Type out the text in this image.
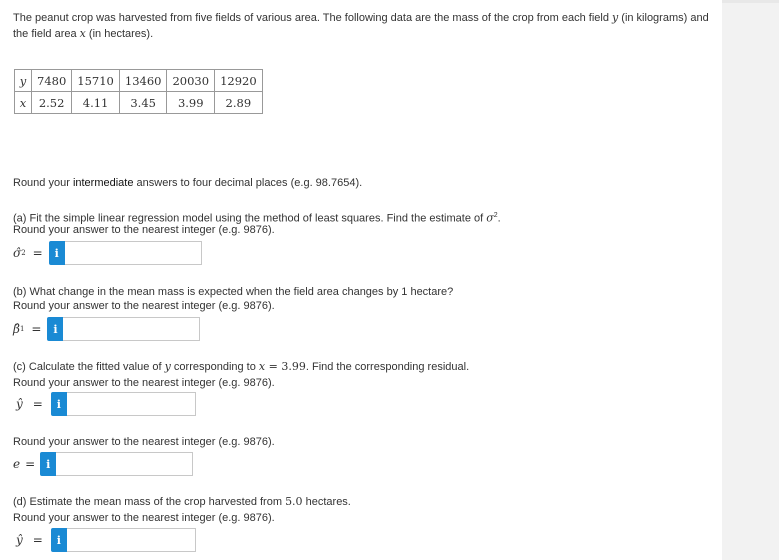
The peanut crop was harvested from five fields of various area. The following data are the mass of the crop from each field y (in kilograms) and the field area x (in hectares).
y	7480	15710	13460	20030	12920
x	2.52	4.11	3.45	3.99	2.89
Round your intermediate answers to four decimal places (e.g. 98.7654).
(a) Fit the simple linear regression model using the method of least squares. Find the estimate of $\sigma^2$.
Round your answer to the nearest integer (e.g. 9876).
σ̂ 2 =	i
(b) What change in the mean mass is expected when the field area changes by 1 hectare?
Round your answer to the nearest integer (e.g. 9876).
β̂ 1 =	i
(c) Calculate the fitted value of y corresponding to x = 3.99. Find the corresponding residual.
Round your answer to the nearest integer (e.g. 9876).
ŷ =	i
Round your answer to the nearest integer (e.g. 9876).
e = i
(d) Estimate the mean mass of the crop harvested from 5.0 hectares.
Round your answer to the nearest integer (e.g. 9876).
ŷ =	i
